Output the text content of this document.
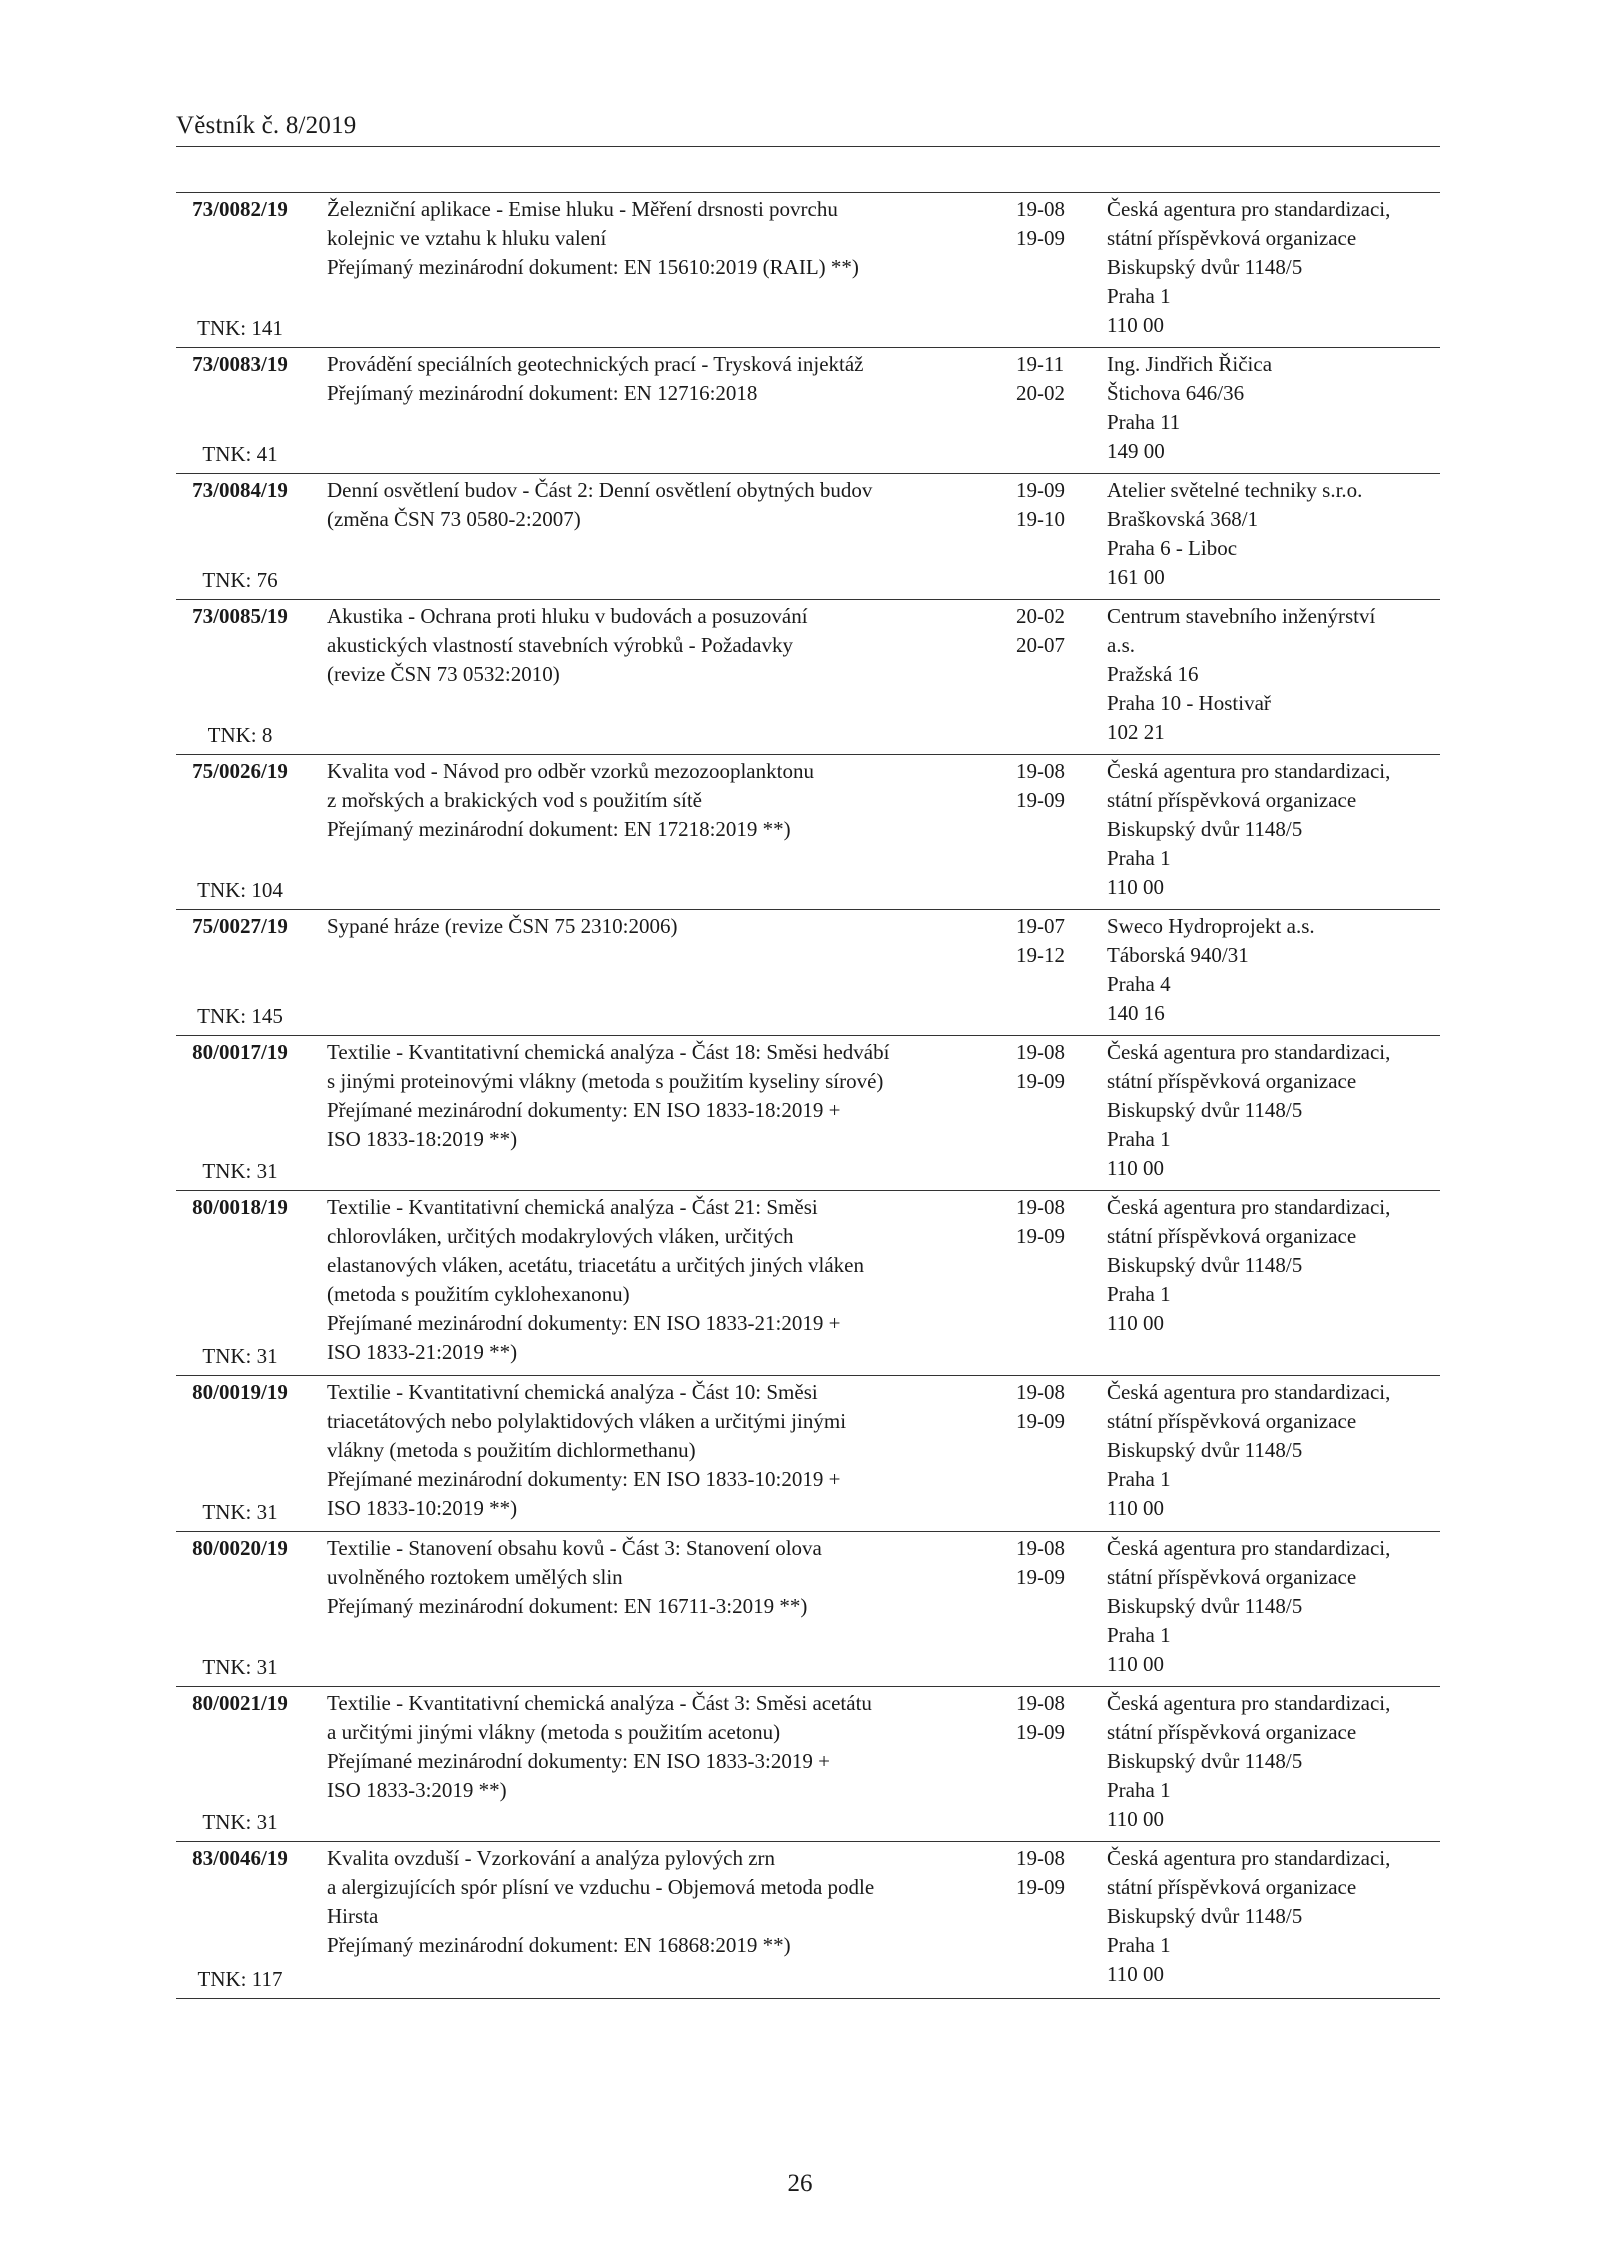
Věstník č. 8/2019
73/0082/19
TNK: 141
Železniční aplikace - Emise hluku - Měření drsnosti povrchu
kolejnic ve vztahu k hluku valení
Přejímaný mezinárodní dokument: EN 15610:2019 (RAIL) **)
19-08
19-09
Česká agentura pro standardizaci,
státní příspěvková organizace
Biskupský dvůr 1148/5
Praha 1
110 00
73/0083/19
TNK: 41
Provádění speciálních geotechnických prací - Trysková injektáž
Přejímaný mezinárodní dokument: EN 12716:2018
19-11
20-02
Ing. Jindřich Řičica
Štichova 646/36
Praha 11
149 00
73/0084/19
TNK: 76
Denní osvětlení budov - Část 2: Denní osvětlení obytných budov
(změna ČSN 73 0580-2:2007)
19-09
19-10
Atelier světelné techniky s.r.o.
Braškovská 368/1
Praha 6 - Liboc
161 00
73/0085/19
TNK: 8
Akustika - Ochrana proti hluku v budovách a posuzování
akustických vlastností stavebních výrobků - Požadavky
(revize ČSN 73 0532:2010)
20-02
20-07
Centrum stavebního inženýrství
a.s.
Pražská 16
Praha 10 - Hostivař
102 21
75/0026/19
TNK: 104
Kvalita vod - Návod pro odběr vzorků mezozooplanktonu
z mořských a brakických vod s použitím sítě
Přejímaný mezinárodní dokument: EN 17218:2019 **)
19-08
19-09
Česká agentura pro standardizaci,
státní příspěvková organizace
Biskupský dvůr 1148/5
Praha 1
110 00
75/0027/19
TNK: 145
Sypané hráze (revize ČSN 75 2310:2006)	19-07
19-12
Sweco Hydroprojekt a.s.
Táborská 940/31
Praha 4
140 16
80/0017/19
TNK: 31
Textilie - Kvantitativní chemická analýza - Část 18: Směsi hedvábí
s jinými proteinovými vlákny (metoda s použitím kyseliny sírové)
Přejímané mezinárodní dokumenty: EN ISO 1833-18:2019 +
ISO 1833-18:2019 **)
19-08
19-09
Česká agentura pro standardizaci,
státní příspěvková organizace
Biskupský dvůr 1148/5
Praha 1
110 00
80/0018/19
TNK: 31
Textilie - Kvantitativní chemická analýza - Část 21: Směsi
chlorovláken, určitých modakrylových vláken, určitých
elastanových vláken, acetátu, triacetátu a určitých jiných vláken
(metoda s použitím cyklohexanonu)
Přejímané mezinárodní dokumenty: EN ISO 1833-21:2019 +
ISO 1833-21:2019 **)
19-08
19-09
Česká agentura pro standardizaci,
státní příspěvková organizace
Biskupský dvůr 1148/5
Praha 1
110 00
80/0019/19
TNK: 31
Textilie - Kvantitativní chemická analýza - Část 10: Směsi
triacetátových nebo polylaktidových vláken a určitými jinými
vlákny (metoda s použitím dichlormethanu)
Přejímané mezinárodní dokumenty: EN ISO 1833-10:2019 +
ISO 1833-10:2019 **)
19-08
19-09
Česká agentura pro standardizaci,
státní příspěvková organizace
Biskupský dvůr 1148/5
Praha 1
110 00
80/0020/19
TNK: 31
Textilie - Stanovení obsahu kovů - Část 3: Stanovení olova
uvolněného roztokem umělých slin
Přejímaný mezinárodní dokument: EN 16711-3:2019 **)
19-08
19-09
Česká agentura pro standardizaci,
státní příspěvková organizace
Biskupský dvůr 1148/5
Praha 1
110 00
80/0021/19
TNK: 31
Textilie - Kvantitativní chemická analýza - Část 3: Směsi acetátu
a určitými jinými vlákny (metoda s použitím acetonu)
Přejímané mezinárodní dokumenty: EN ISO 1833-3:2019 +
ISO 1833-3:2019 **)
19-08
19-09
Česká agentura pro standardizaci,
státní příspěvková organizace
Biskupský dvůr 1148/5
Praha 1
110 00
83/0046/19
TNK: 117
Kvalita ovzduší - Vzorkování a analýza pylových zrn
a alergizujících spór plísní ve vzduchu - Objemová metoda podle
Hirsta
Přejímaný mezinárodní dokument: EN 16868:2019 **)
19-08
19-09
Česká agentura pro standardizaci,
státní příspěvková organizace
Biskupský dvůr 1148/5
Praha 1
110 00
26
